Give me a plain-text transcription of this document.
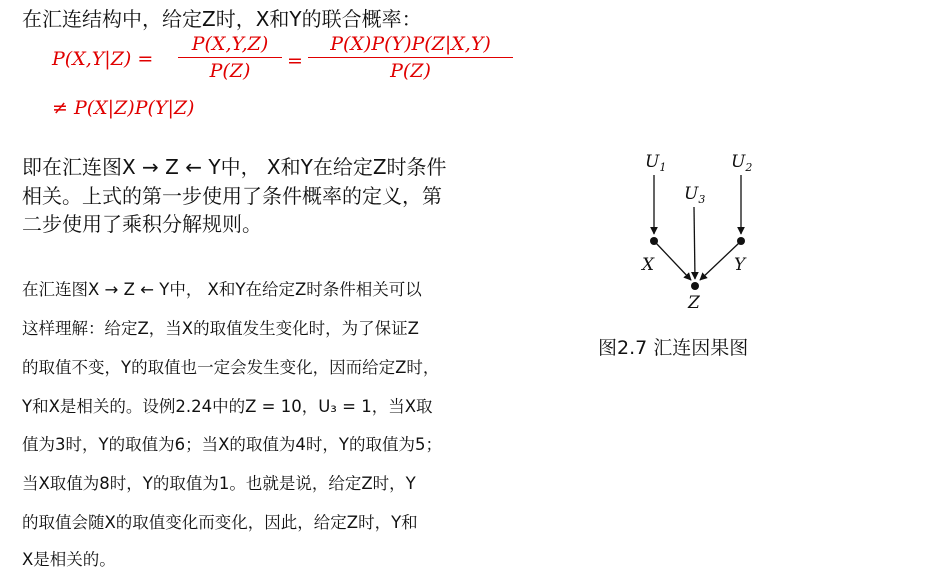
在汇连结构中，给定Z时，X和Y的联合概率：
$P(X,Y|Z) = \frac{P(X,Y,Z)}{P(Z)} = \frac{P(X)P(Y)P(Z|X,Y)}{P(Z)}$
≠ P(X|Z)P(Y|Z)
即在汇连图X → Z ← Y中， X和Y在给定Z时条件
相关。上式的第一步使用了条件概率的定义，第
二步使用了乘积分解规则。
在汇连图X → Z ← Y中， X和Y在给定Z时条件相关可以
这样理解：给定Z，当X的取值发生变化时，为了保证Z
的取值不变，Y的取值也一定会发生变化，因而给定Z时，
Y和X是相关的。设例2.24中的Z = 10，U₃ = 1，当X取
值为3时，Y的取值为6；当X的取值为4时，Y的取值为5；
当X取值为8时，Y的取值为1。也就是说，给定Z时，Y
的取值会随X的取值变化而变化，因此，给定Z时，Y和
X是相关的。
$U_1$	$U_2$
$U_3$
X	Y
Z
图2.7 汇连因果图
